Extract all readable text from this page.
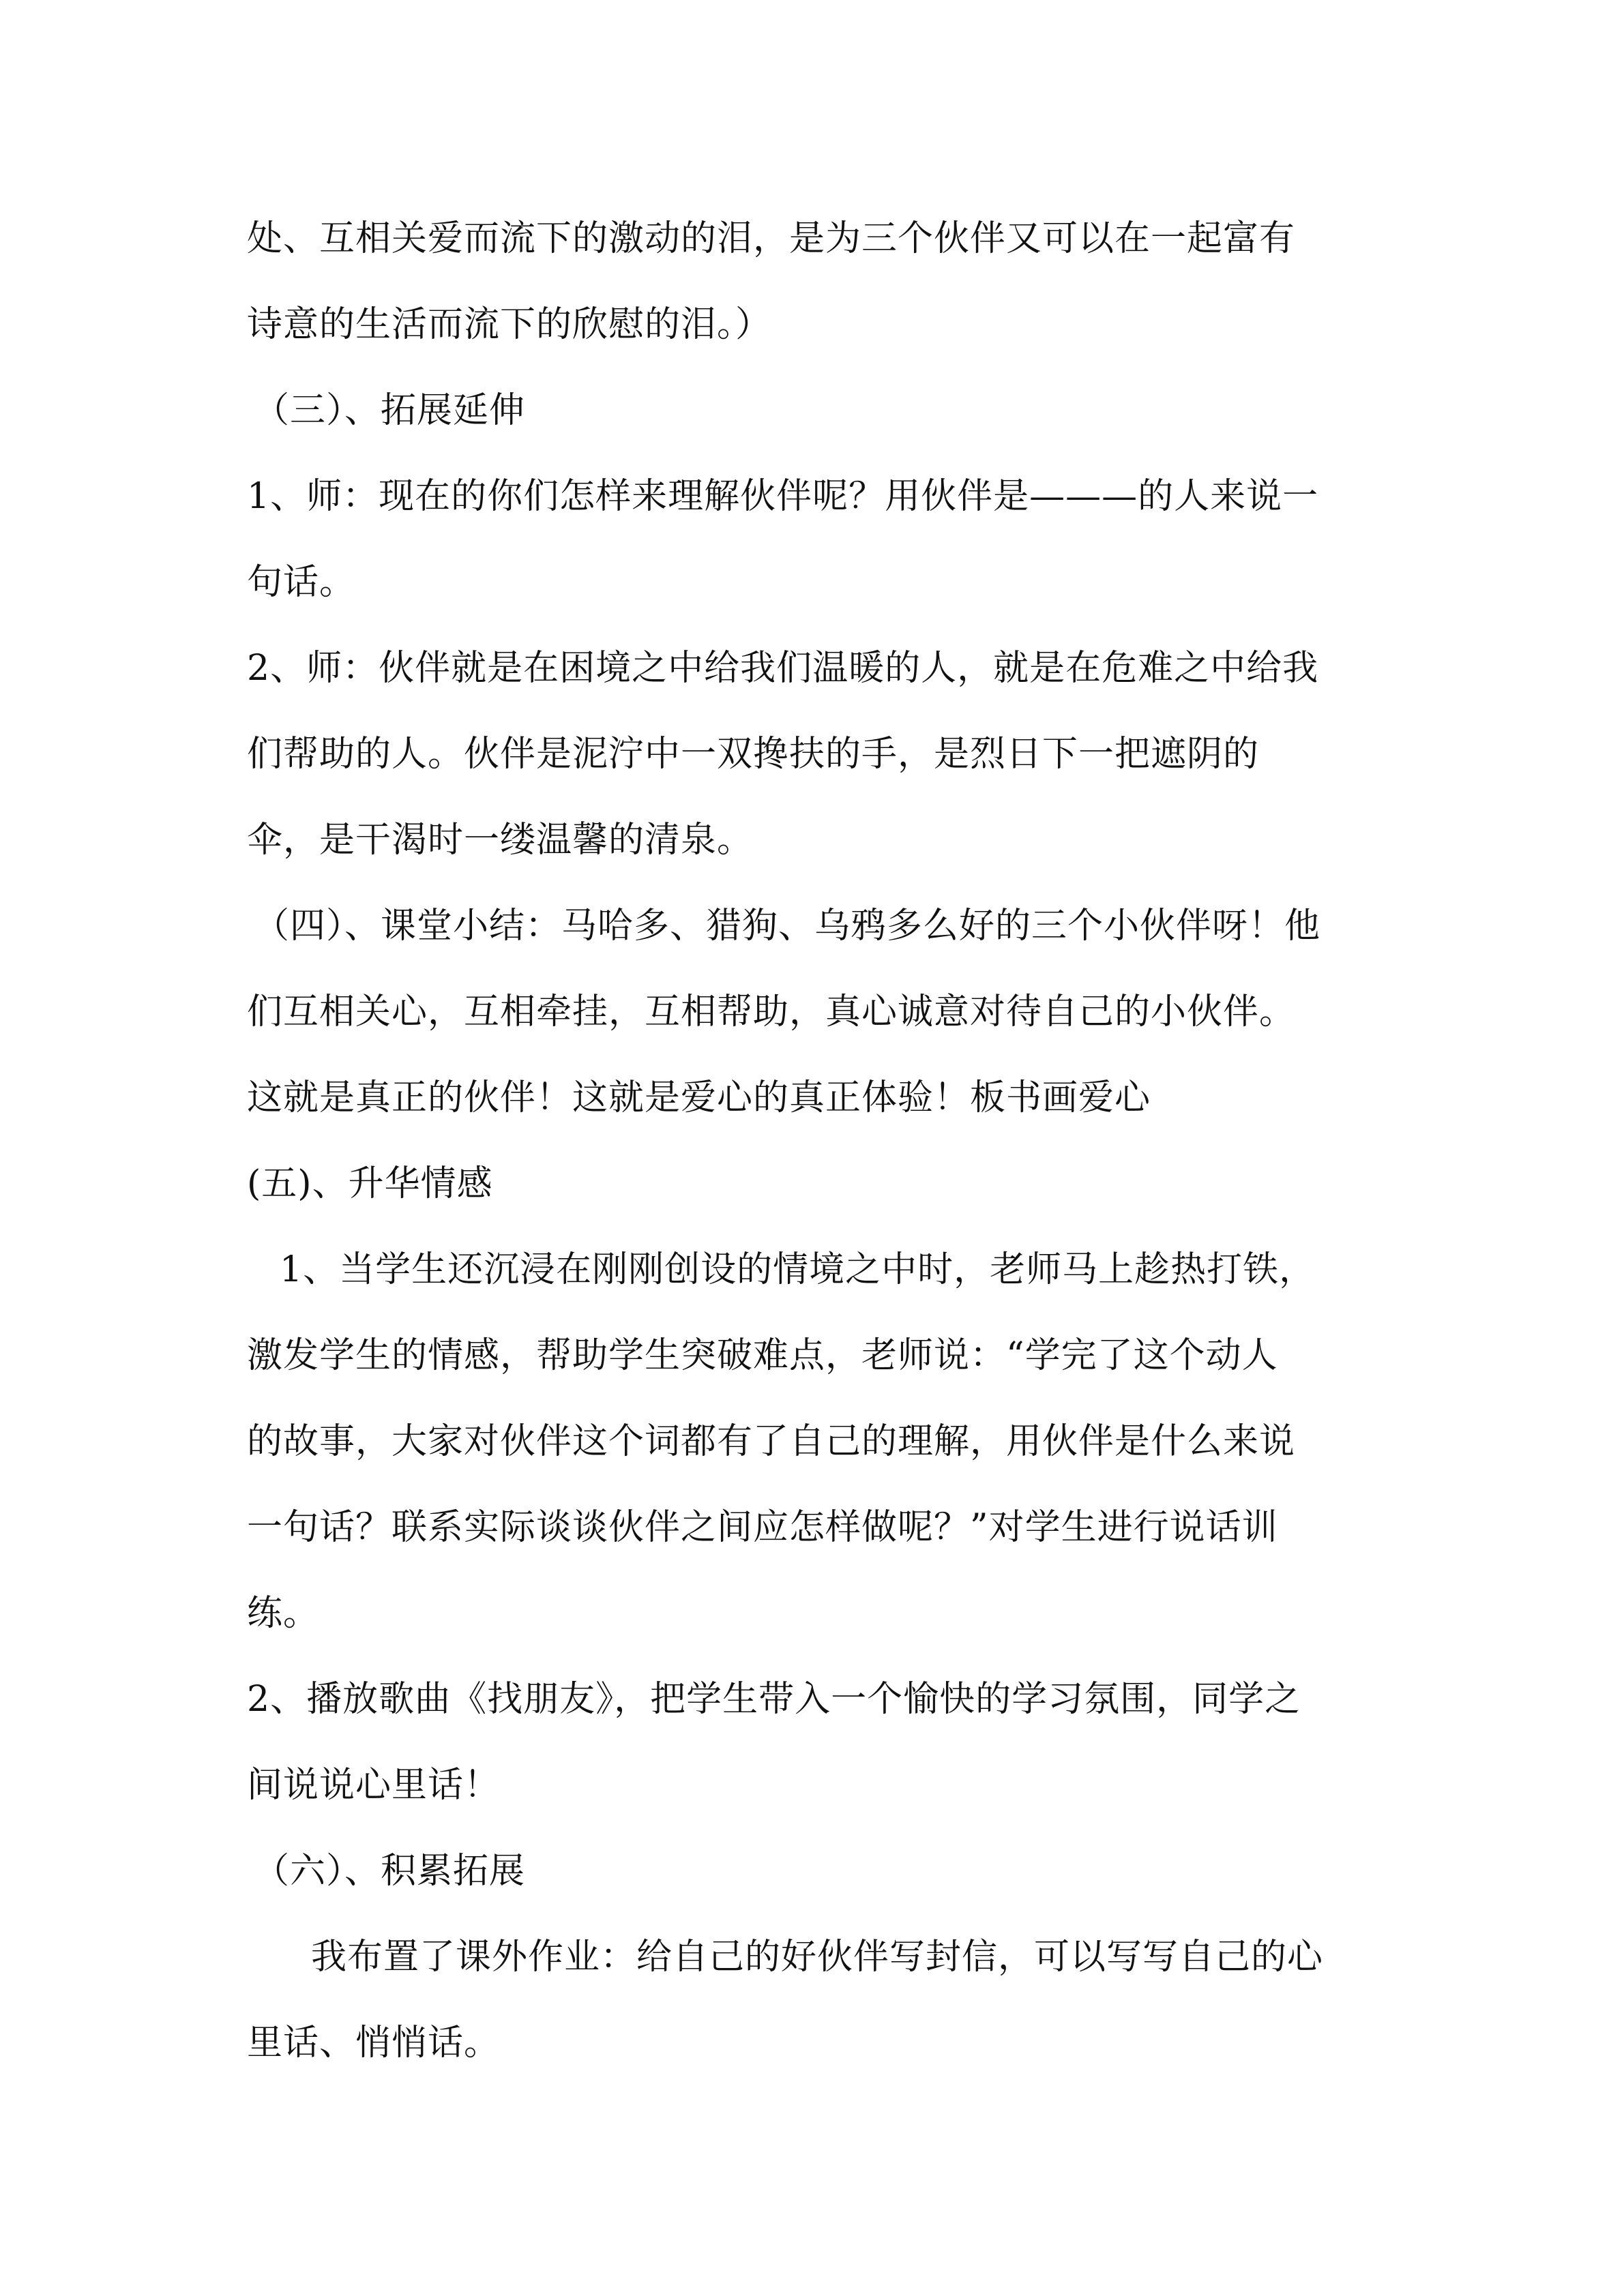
处、互相关爱而流下的激动的泪，是为三个伙伴又可以在一起富有
诗意的生活而流下的欣慰的泪。）
（三）、拓展延伸
1、师：现在的你们怎样来理解伙伴呢？用伙伴是———的人来说一
句话。
2、师：伙伴就是在困境之中给我们温暖的人，就是在危难之中给我
们帮助的人。伙伴是泥泞中一双搀扶的手，是烈日下一把遮阴的
伞，是干渴时一缕温馨的清泉。
（四）、课堂小结：马哈多、猎狗、乌鸦多么好的三个小伙伴呀！他
们互相关心，互相牵挂，互相帮助，真心诚意对待自己的小伙伴。
这就是真正的伙伴！这就是爱心的真正体验！板书画爱心
(五)、升华情感
1、当学生还沉浸在刚刚创设的情境之中时，老师马上趁热打铁，
激发学生的情感，帮助学生突破难点，老师说：“学完了这个动人
的故事，大家对伙伴这个词都有了自己的理解，用伙伴是什么来说
一句话？联系实际谈谈伙伴之间应怎样做呢？”对学生进行说话训
练。
2、播放歌曲《找朋友》，把学生带入一个愉快的学习氛围，同学之
间说说心里话！
（六）、积累拓展
我布置了课外作业：给自己的好伙伴写封信，可以写写自己的心
里话、悄悄话。
